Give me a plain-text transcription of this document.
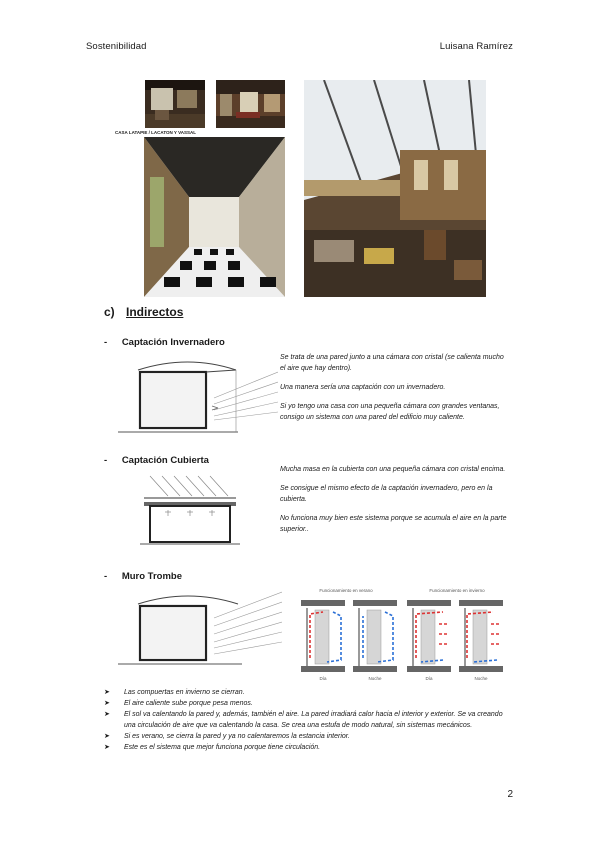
Sostenibilidad	Luisana Ramírez
CASA LATAPIE / LACATON Y VASSAL
c) Indirectos
- Captación Invernadero

Se trata de una pared junto a una cámara con cristal (se calienta mucho el aire que hay dentro).

Una manera sería una captación con un invernadero.

Si yo tengo una casa con una pequeña cámara con grandes ventanas, consigo un sistema con una pared del edificio muy caliente.

- Captación Cubierta

Mucha masa en la cubierta con una pequeña cámara con cristal encima.

Se consigue el mismo efecto de la captación invernadero, pero en la cubierta.

No funciona muy bien este sistema porque se acumula el aire en la parte superior..

- Muro Trombe
Funcionamiento en verano	Funcionamiento en invierno
Día	Noche	Día	Noche
➤ Las compuertas en invierno se cierran.
➤ El aire caliente sube porque pesa menos.
➤ El sol va calentando la pared y, además, también el aire. La pared irradiará calor hacia el interior y exterior. Se va creando una circulación de aire que va calentando la casa. Se crea una estufa de modo natural, sin sistemas mecánicos.
➤ Si es verano, se cierra la pared y ya no calentaremos la estancia interior.
➤ Este es el sistema que mejor funciona porque tiene circulación.
2
